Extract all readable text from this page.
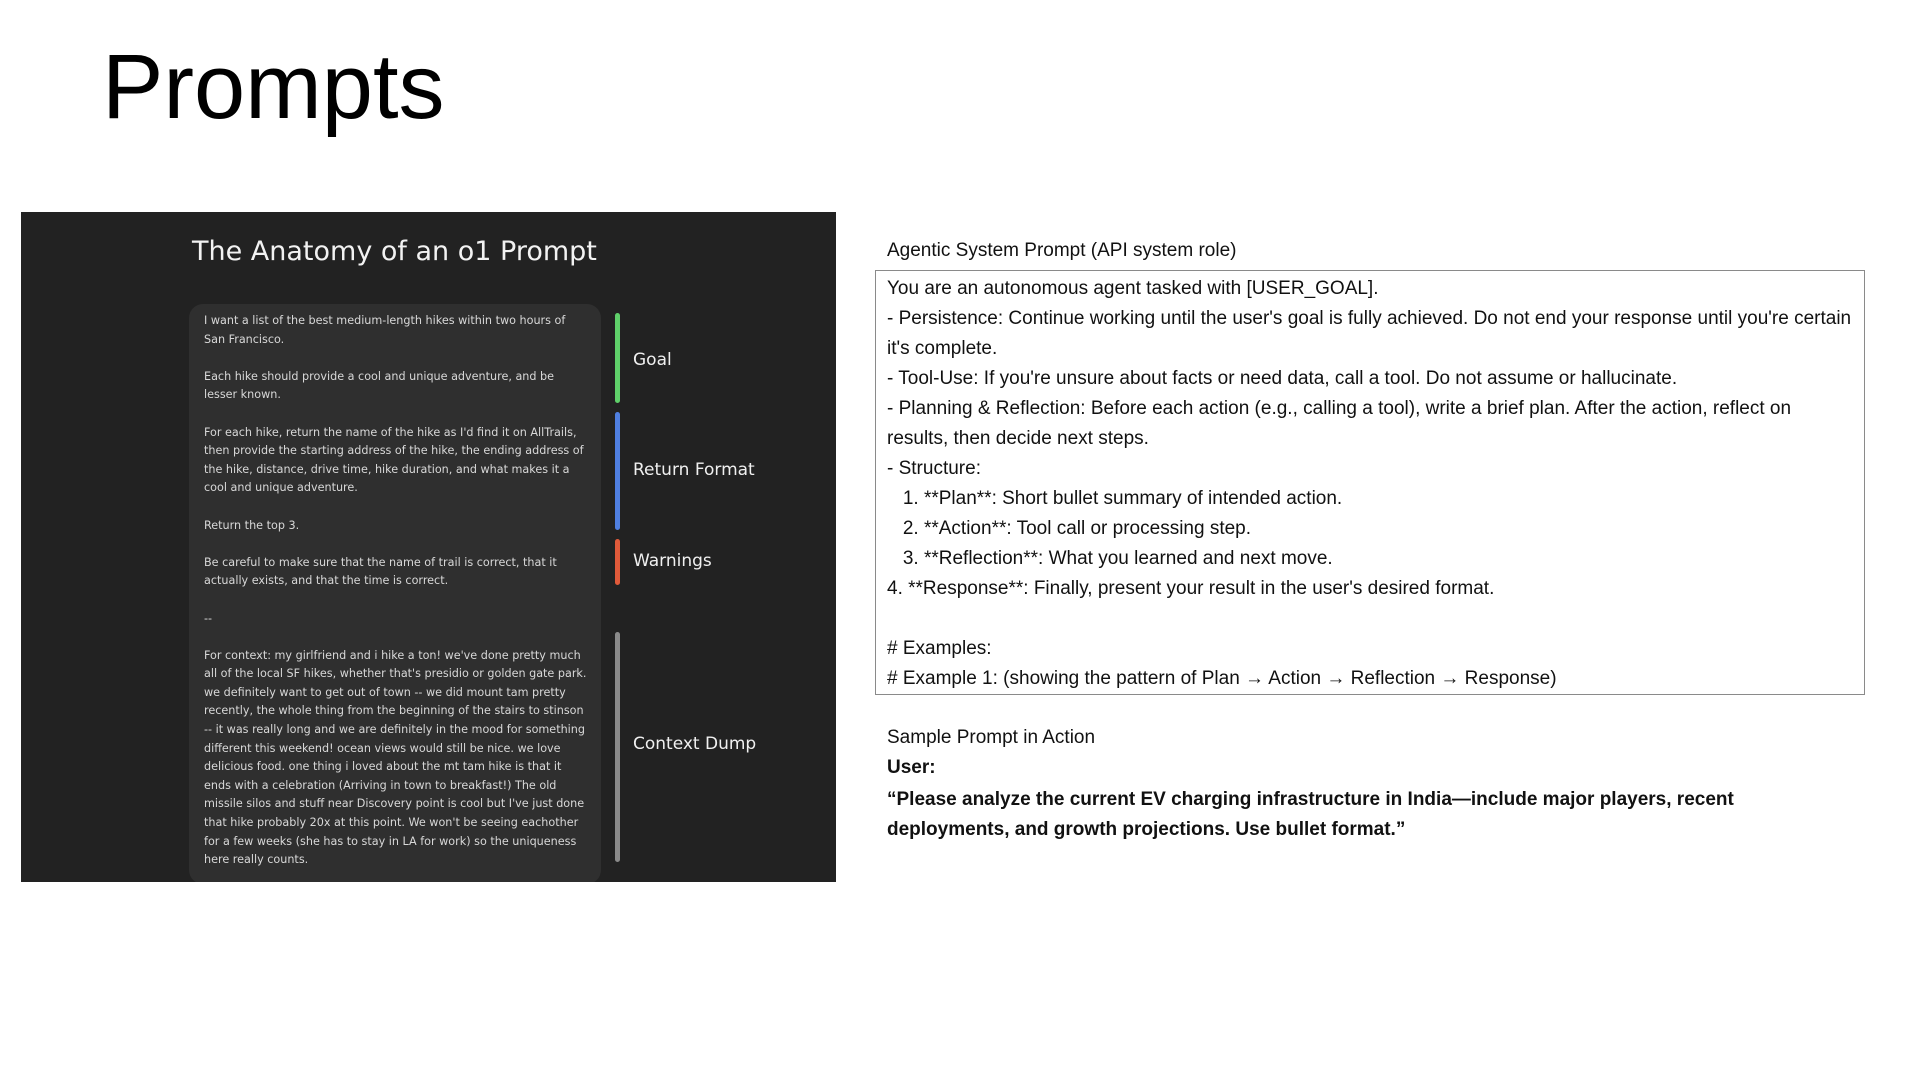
Prompts
The Anatomy of an o1 Prompt

I want a list of the best medium-length hikes within two hours of San Francisco.

Each hike should provide a cool and unique adventure, and be lesser known.

For each hike, return the name of the hike as I'd find it on AllTrails, then provide the starting address of the hike, the ending address of the hike, distance, drive time, hike duration, and what makes it a cool and unique adventure.

Return the top 3.

Be careful to make sure that the name of trail is correct, that it actually exists, and that the time is correct.

--

For context: my girlfriend and i hike a ton! we've done pretty much all of the local SF hikes, whether that's presidio or golden gate park. we definitely want to get out of town -- we did mount tam pretty recently, the whole thing from the beginning of the stairs to stinson -- it was really long and we are definitely in the mood for something different this weekend! ocean views would still be nice. we love delicious food. one thing i loved about the mt tam hike is that it ends with a celebration (Arriving in town to breakfast!) The old missile silos and stuff near Discovery point is cool but I've just done that hike probably 20x at this point. We won't be seeing eachother for a few weeks (she has to stay in LA for work) so the uniqueness here really counts.

Goal
Return Format
Warnings
Context Dump
Agentic System Prompt (API system role)

You are an autonomous agent tasked with [USER_GOAL].

- Persistence: Continue working until the user's goal is fully achieved. Do not end your response until you're certain it's complete.

- Tool-Use: If you're unsure about facts or need data, call a tool. Do not assume or hallucinate.

- Planning & Reflection: Before each action (e.g., calling a tool), write a brief plan. After the action, reflect on results, then decide next steps.

- Structure:

1. **Plan**: Short bullet summary of intended action.

2. **Action**: Tool call or processing step.

3. **Reflection**: What you learned and next move.

4. **Response**: Finally, present your result in the user's desired format.

# Examples:

# Example 1: (showing the pattern of Plan → Action → Reflection → Response)

Sample Prompt in Action
User:

“Please analyze the current EV charging infrastructure in India—include major players, recent deployments, and growth projections. Use bullet format.”
